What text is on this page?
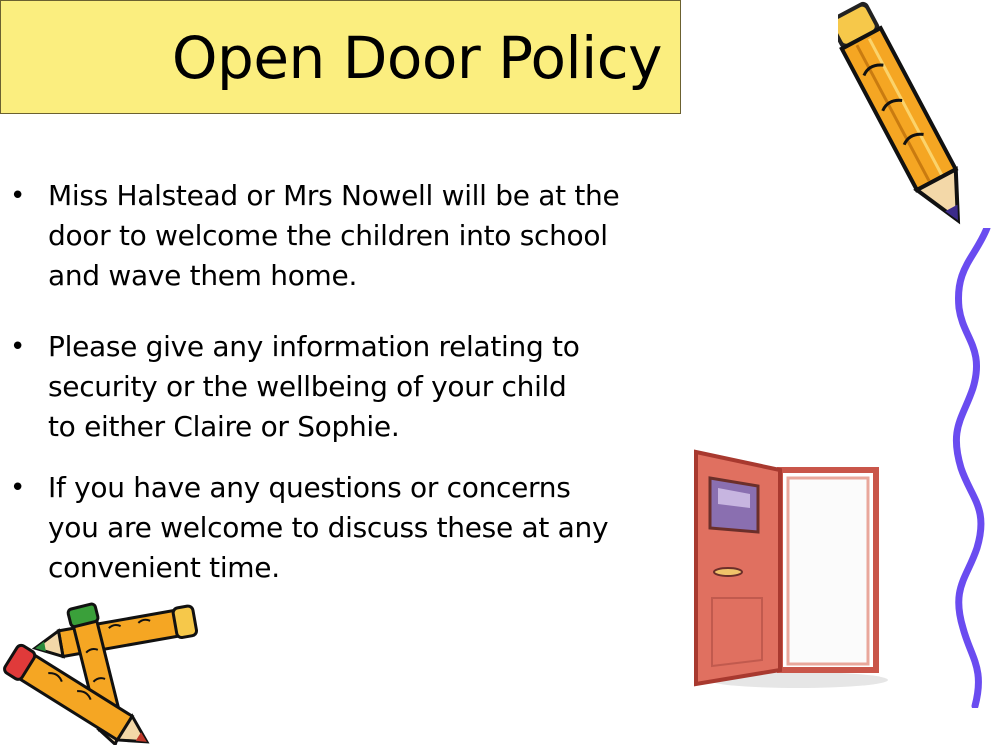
Open Door Policy
• Miss Halstead or Mrs Nowell will be at the
door to welcome the children into school
and wave them home.
• Please give any information relating to
security or the wellbeing of your child
to either Claire or Sophie.
• If you have any questions or concerns
you are welcome to discuss these at any
convenient time.
